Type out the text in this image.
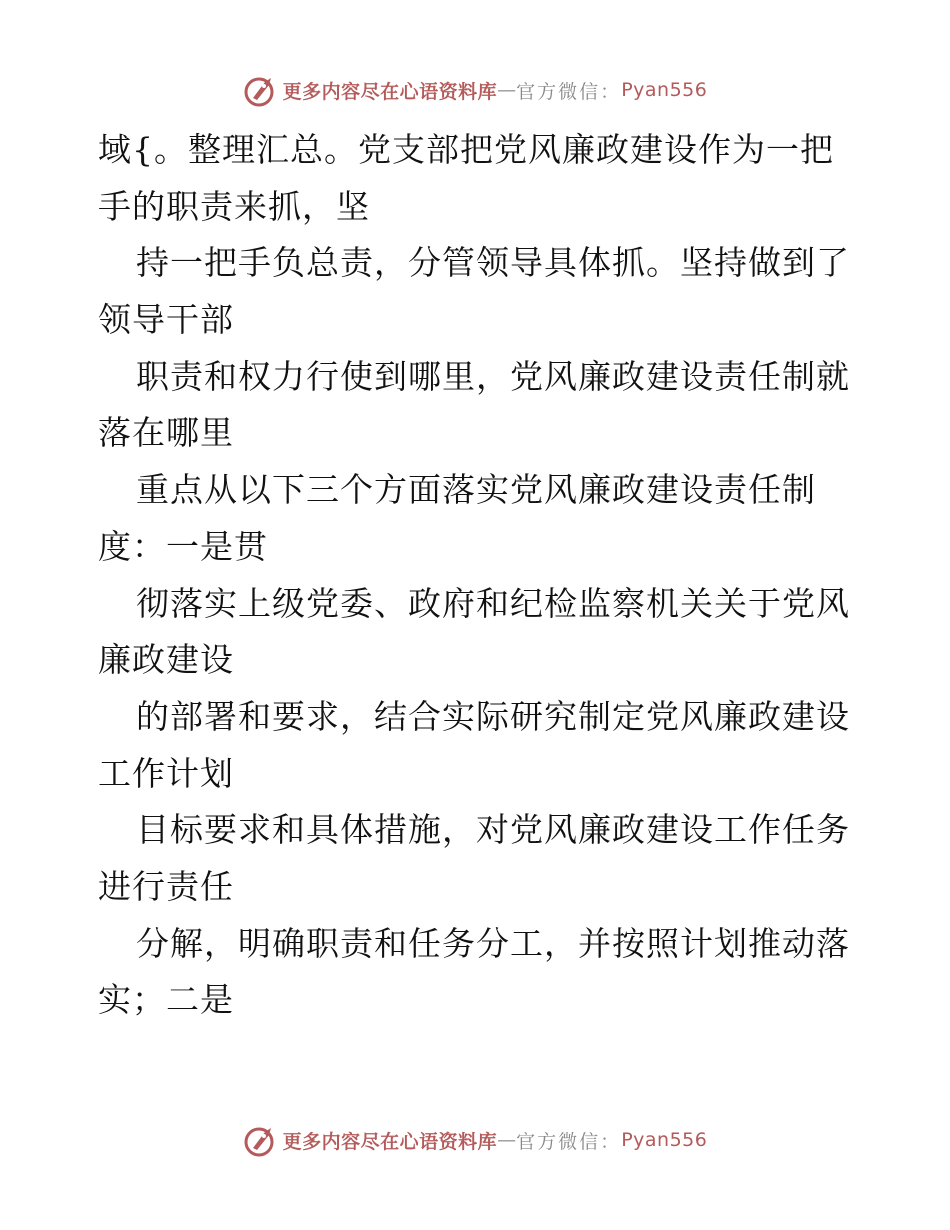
更多内容尽在心语资料库 — 官方微信： Pyan556
域{。整理汇总。党支部把党风廉政建设作为一把
手的职责来抓，坚
持一把手负总责，分管领导具体抓。坚持做到了
领导干部
职责和权力行使到哪里，党风廉政建设责任制就
落在哪里
重点从以下三个方面落实党风廉政建设责任制
度：一是贯
彻落实上级党委、政府和纪检监察机关关于党风
廉政建设
的部署和要求，结合实际研究制定党风廉政建设
工作计划
目标要求和具体措施，对党风廉政建设工作任务
进行责任
分解，明确职责和任务分工，并按照计划推动落
实；二是
更多内容尽在心语资料库 — 官方微信： Pyan556
